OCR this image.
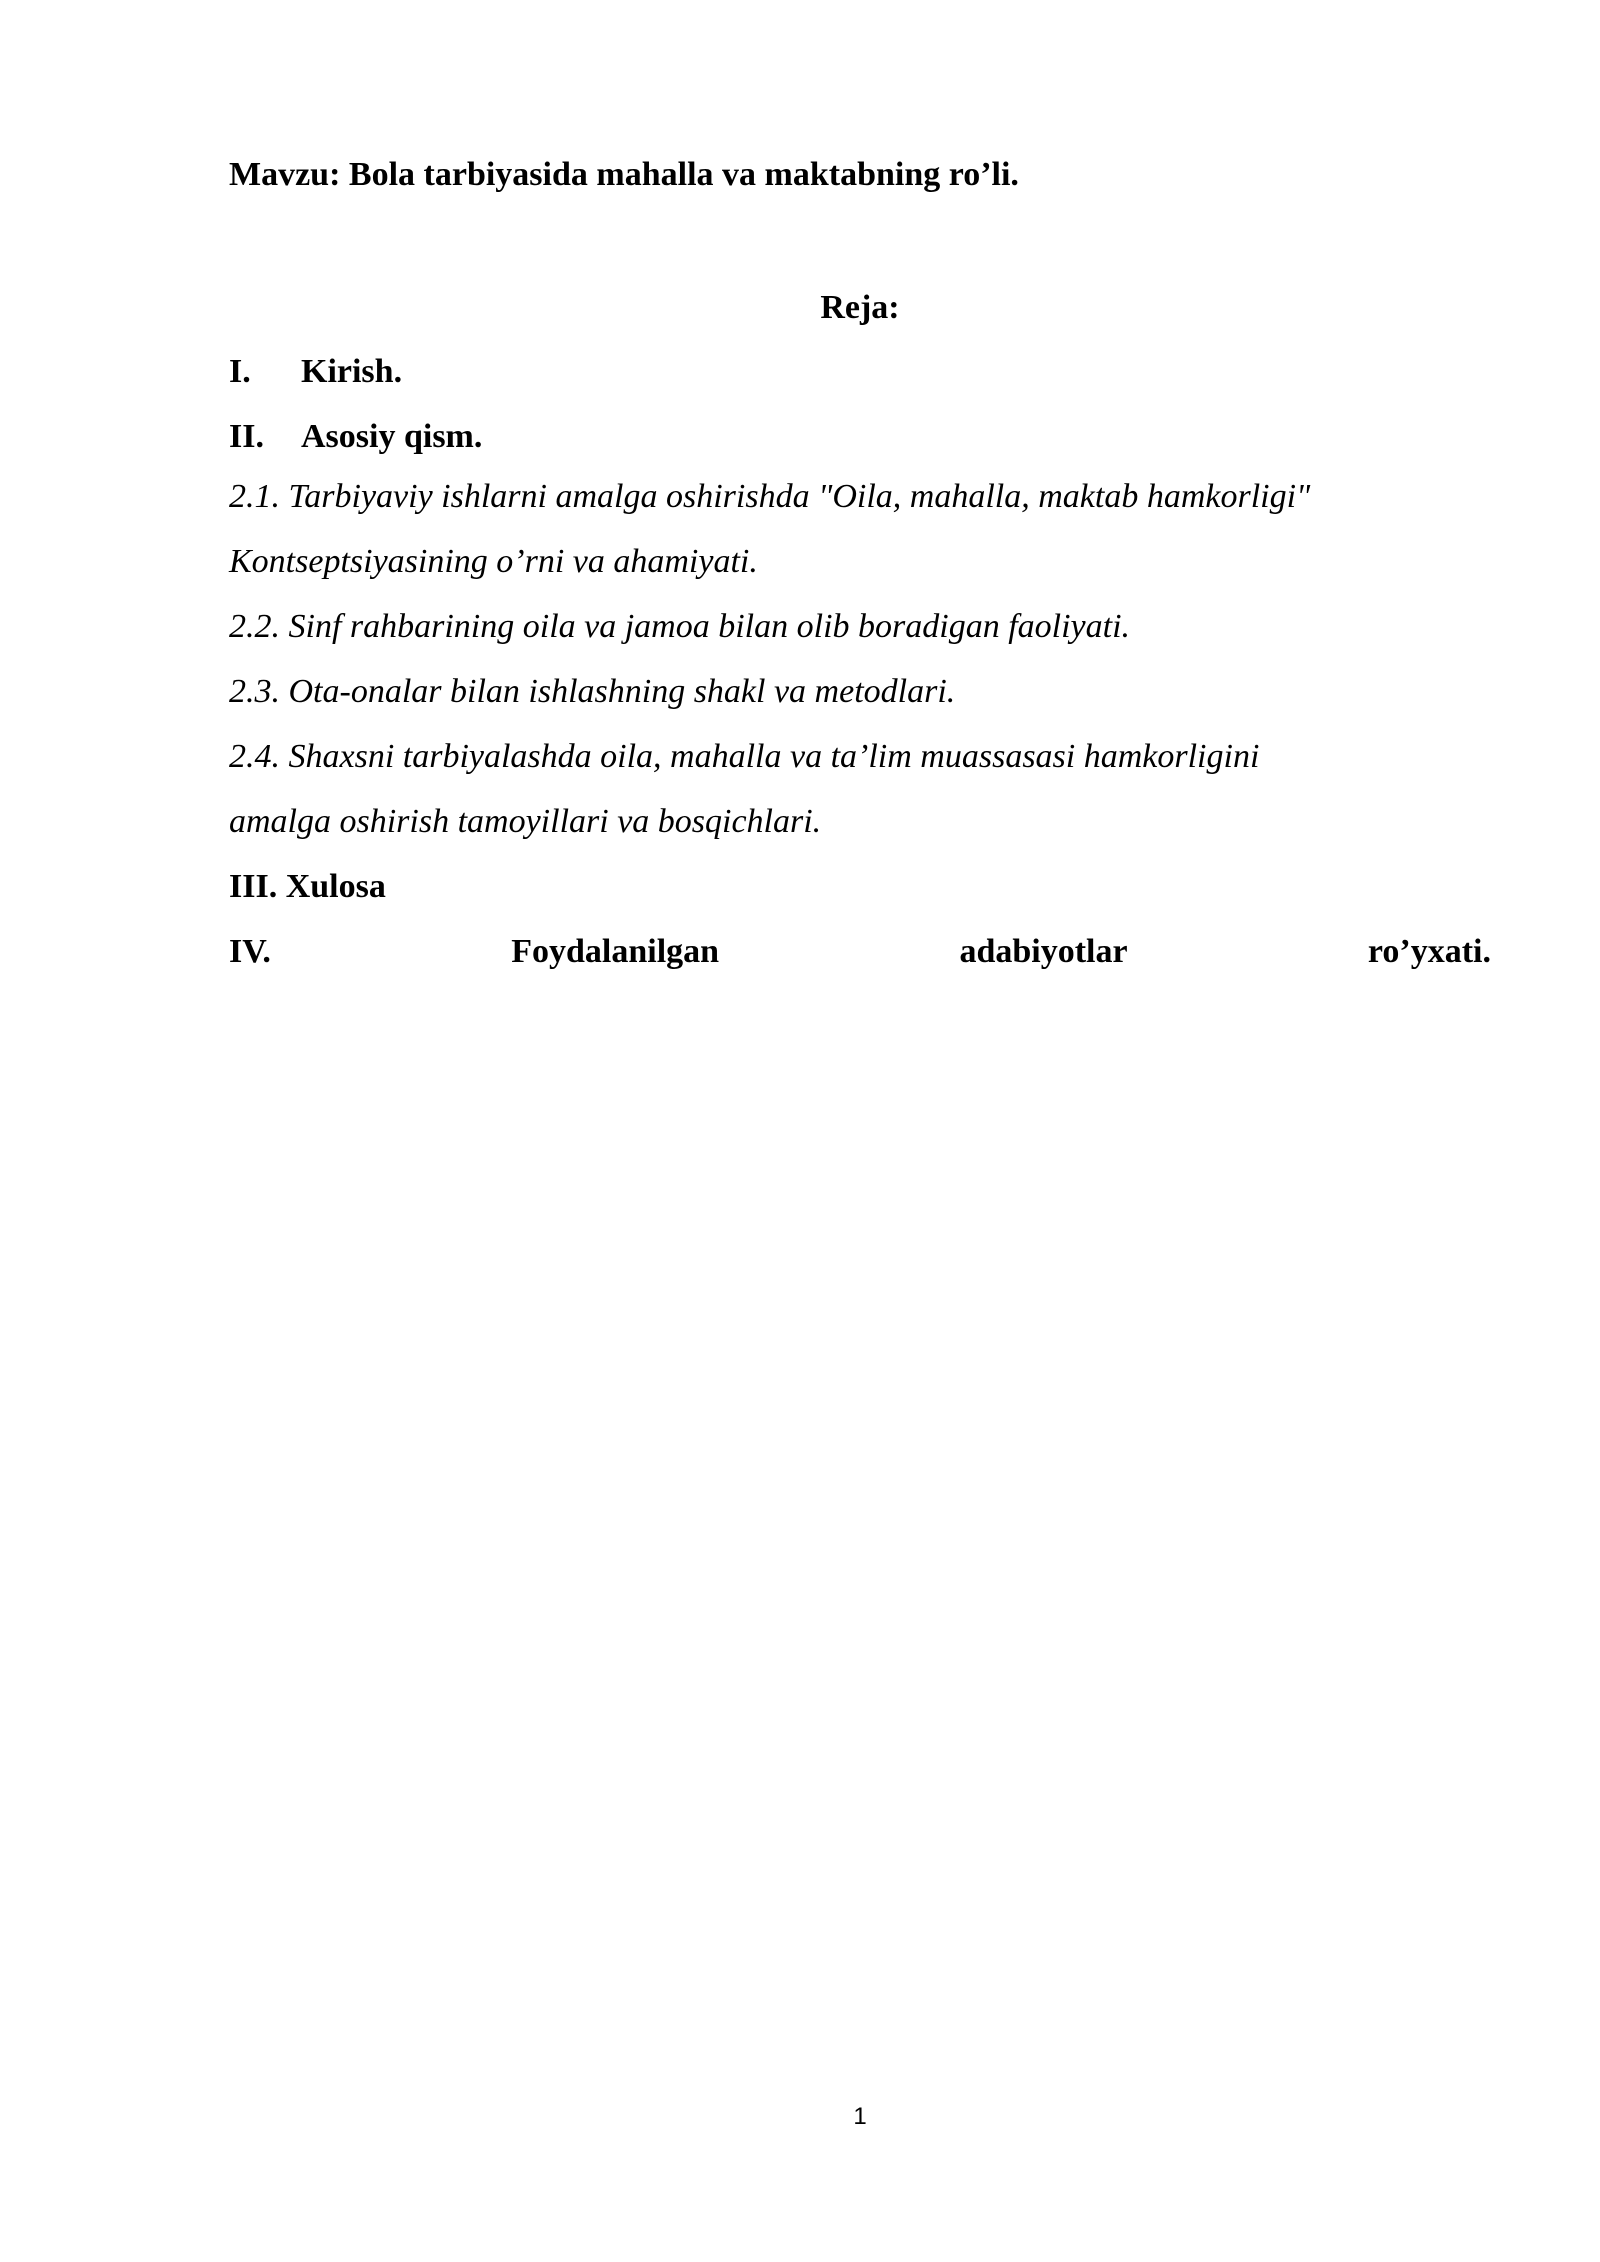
Mavzu: Bola tarbiyasida mahalla va maktabning ro’li.
Reja:
I. Kirish.
II. Asosiy qism.
2.1. Tarbiyaviy ishlarni amalga oshirishda "Oila, mahalla, maktab hamkorligi"
Kontseptsiyasining o’rni va ahamiyati.
2.2. Sinf rahbarining oila va jamoa bilan olib boradigan faoliyati.
2.3. Ota-onalar bilan ishlashning shakl va metodlari.
2.4. Shaxsni tarbiyalashda oila, mahalla va ta’lim muassasasi hamkorligini
amalga oshirish tamoyillari va bosqichlari.
III. Xulosa
IV.	Foydalanilgan	adabiyotlar	ro’yxati.
1
